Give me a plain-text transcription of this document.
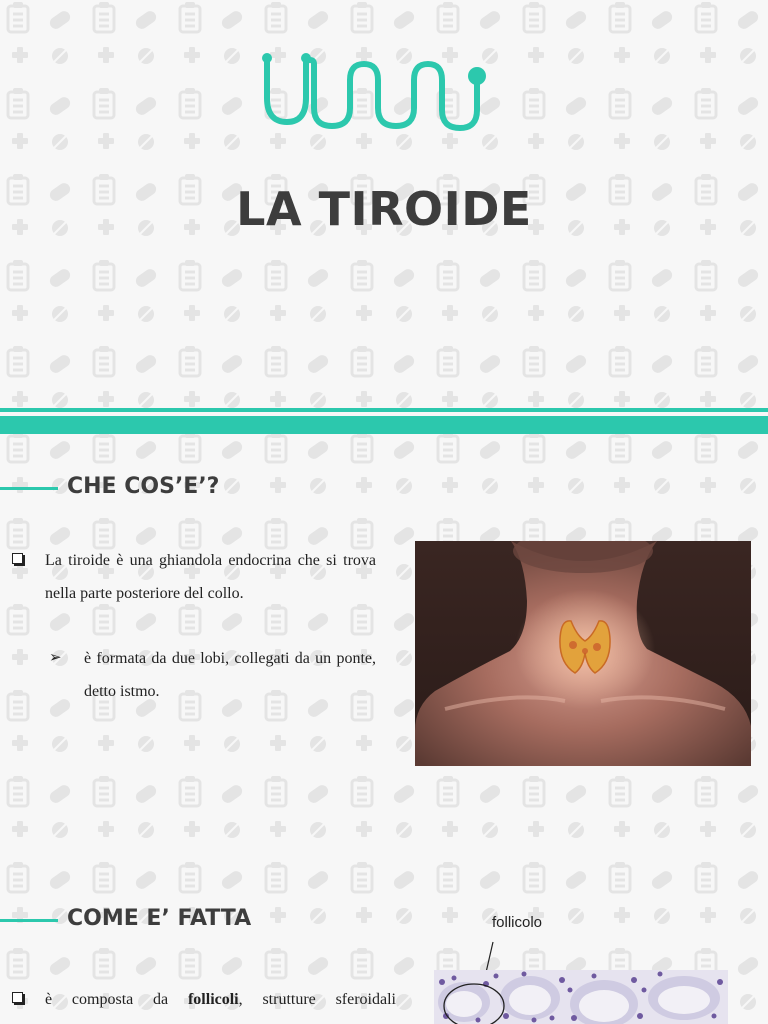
LA TIROIDE
CHE COS’E’?
La tiroide è una ghiandola endocrina che si trova nella parte posteriore del collo.
➢ è formata da due lobi, collegati da un ponte, detto istmo.
COME E’ FATTA
è composta da follicoli, strutture sferoidali
follicolo
